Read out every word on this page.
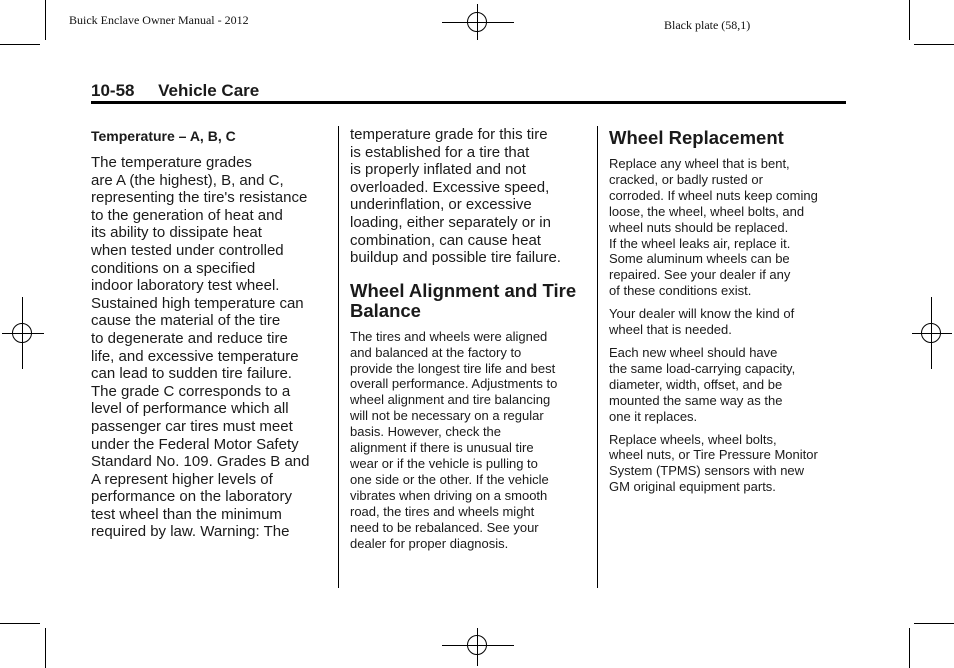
Buick Enclave Owner Manual - 2012	Black plate (58,1)
10-58 Vehicle Care
Temperature – A, B, C
The temperature grades
are A (the highest), B, and C,
representing the tire's resistance
to the generation of heat and
its ability to dissipate heat
when tested under controlled
conditions on a specified
indoor laboratory test wheel.
Sustained high temperature can
cause the material of the tire
to degenerate and reduce tire
life, and excessive temperature
can lead to sudden tire failure.
The grade C corresponds to a
level of performance which all
passenger car tires must meet
under the Federal Motor Safety
Standard No. 109. Grades B and
A represent higher levels of
performance on the laboratory
test wheel than the minimum
required by law. Warning: The
temperature grade for this tire
is established for a tire that
is properly inflated and not
overloaded. Excessive speed,
underinflation, or excessive
loading, either separately or in
combination, can cause heat
buildup and possible tire failure.
Wheel Alignment and Tire
Balance
The tires and wheels were aligned
and balanced at the factory to
provide the longest tire life and best
overall performance. Adjustments to
wheel alignment and tire balancing
will not be necessary on a regular
basis. However, check the
alignment if there is unusual tire
wear or if the vehicle is pulling to
one side or the other. If the vehicle
vibrates when driving on a smooth
road, the tires and wheels might
need to be rebalanced. See your
dealer for proper diagnosis.
Wheel Replacement
Replace any wheel that is bent,
cracked, or badly rusted or
corroded. If wheel nuts keep coming
loose, the wheel, wheel bolts, and
wheel nuts should be replaced.
If the wheel leaks air, replace it.
Some aluminum wheels can be
repaired. See your dealer if any
of these conditions exist.
Your dealer will know the kind of
wheel that is needed.
Each new wheel should have
the same load-carrying capacity,
diameter, width, offset, and be
mounted the same way as the
one it replaces.
Replace wheels, wheel bolts,
wheel nuts, or Tire Pressure Monitor
System (TPMS) sensors with new
GM original equipment parts.
